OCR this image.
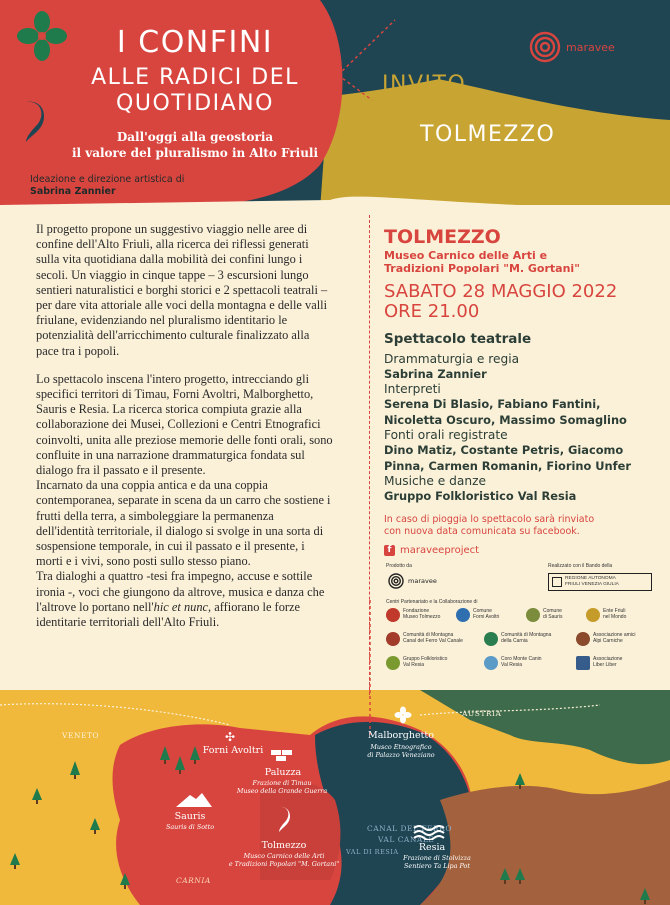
I CONFINI
ALLE RADICI DEL
QUOTIDIANO
Dall'oggi alla geostoria
il valore del pluralismo in Alto Friuli
Ideazione e direzione artistica di
Sabrina Zannier
maravee
INVITO
TOLMEZZO

Il progetto propone un suggestivo viaggio nelle aree di confine dell'Alto Friuli, alla ricerca dei riflessi generati sulla vita quotidiana dalla mobilità dei confini lungo i secoli. Un viaggio in cinque tappe – 3 escursioni lungo sentieri naturalistici e borghi storici e 2 spettacoli teatrali – per dare vita attoriale alle voci della montagna e delle valli friulane, evidenziando nel pluralismo identitario le potenzialità dell'arricchimento culturale finalizzato alla pace tra i popoli.

Lo spettacolo inscena l'intero progetto, intrecciando gli specifici territori di Timau, Forni Avoltri, Malborghetto, Sauris e Resia. La ricerca storica compiuta grazie alla collaborazione dei Musei, Collezioni e Centri Etnografici coinvolti, unita alle preziose memorie delle fonti orali, sono confluite in una narrazione drammaturgica fondata sul dialogo fra il passato e il presente.

Incarnato da una coppia antica e da una coppia contemporanea, separate in scena da un carro che sostiene i frutti della terra, a simboleggiare la permanenza dell'identità territoriale, il dialogo si svolge in una sorta di sospensione temporale, in cui il passato e il presente, i morti e i vivi, sono posti sullo stesso piano.

Tra dialoghi a quattro -tesi fra impegno, accuse e sottile ironia -, voci che giungono da altrove, musica e danza che l'altrove lo portano nell'hic et nunc, affiorano le forze identitarie territoriali dell'Alto Friuli.

TOLMEZZO
Museo Carnico delle Arti e
Tradizioni Popolari "M. Gortani"
SABATO 28 MAGGIO 2022
ORE 21.00
Spettacolo teatrale
Drammaturgia e regia
Sabrina Zannier
Interpreti
Serena Di Blasio, Fabiano Fantini, Nicoletta Oscuro, Massimo Somaglino
Fonti orali registrate
Dino Matiz, Costante Petris, Giacomo Pinna, Carmen Romanin, Fiorino Unfer
Musiche e danze
Gruppo Folkloristico Val Resia
In caso di pioggia lo spettacolo sarà rinviato
con nuova data comunicata su facebook.
f maraveeproject
Prodotto da
maravee
Realizzato con il Bando della
REGIONE AUTONOMA
FRIULI VENEZIA GIULIA
Centri Partenariato e la Collaborazione di
Fondazione
Museo Tolmezzo
Comune
Forni Avoltri
Comune
di Sauris
Ente Friuli
nel Mondo
Comunità di Montagna
Canal del Ferro Val Canale
Comunità di Montagna
della Carnia
Associazione amici
Alpi Carniche
Gruppo Folkloristico
Val Resia
Coro Monte Canin
Val Resia
Associazione
Liber Liber
VENETO
AUSTRIA
CARNIA
CANAL DEL FERRO
VAL CANALE
VAL DI RESIA
✣
Forni Avoltri
Paluzza
Frazione di Timau
Museo della Grande Guerra
Malborghetto
Musco Etnografico
di Palazzo Veneziano
Sauris
Sauris di Sotto
Tolmezzo
Musco Carnico delle Arti
e Tradizioni Popolari "M. Gortani"
Resia
Frazione di Stolvizza
Sentiero Ta Lipa Pot
